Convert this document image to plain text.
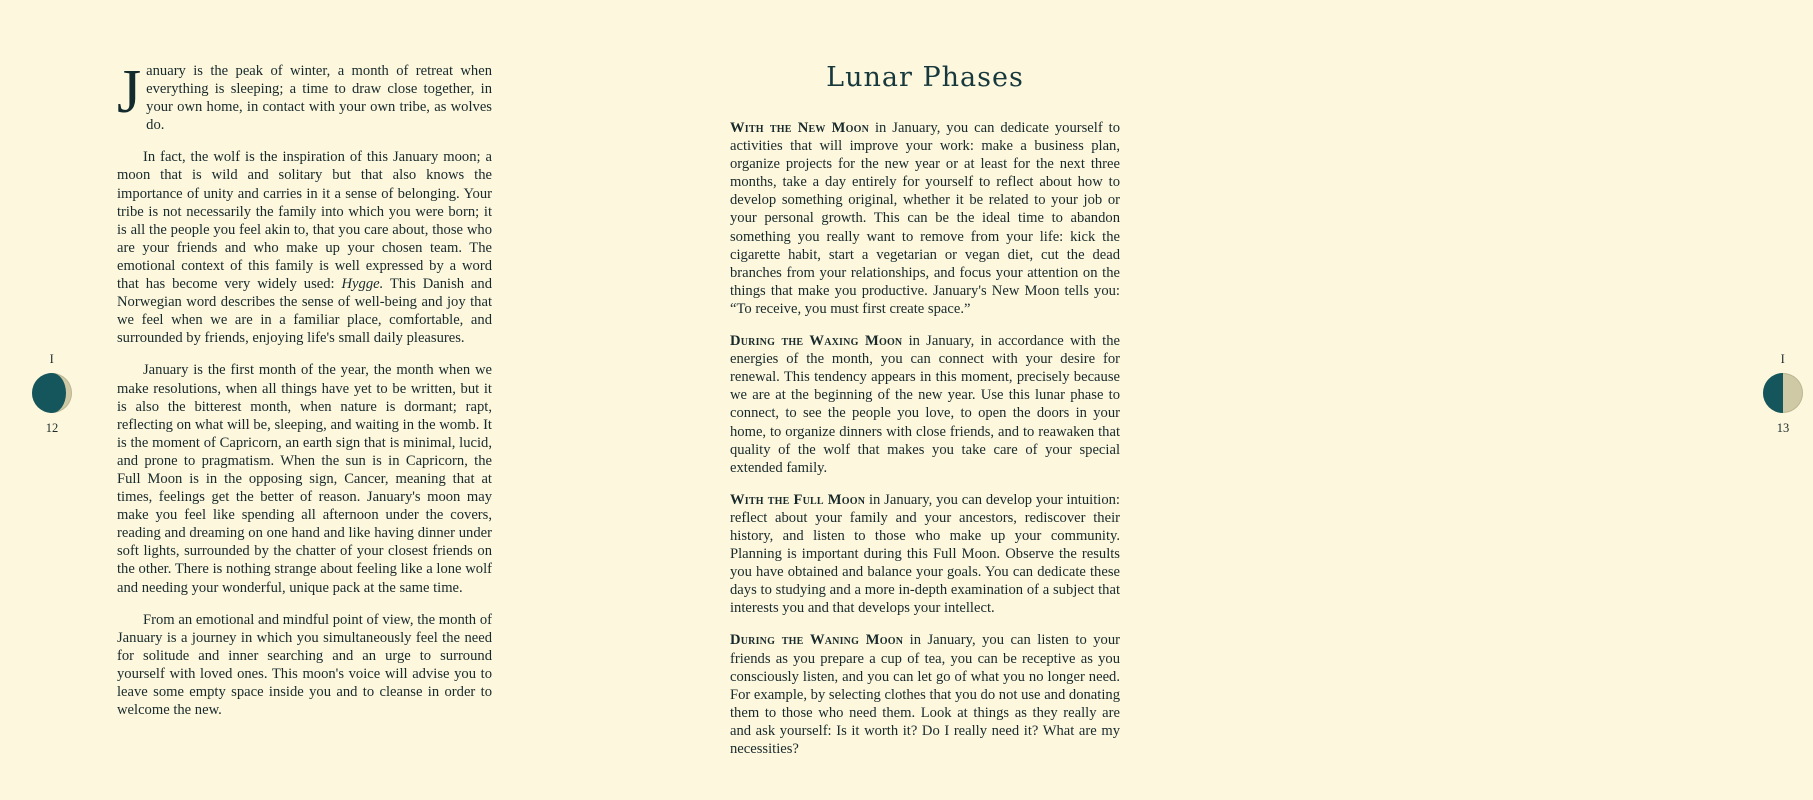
I
12

January is the peak of winter, a month of retreat when everything is sleeping; a time to draw close together, in your own home, in contact with your own tribe, as wolves do.

In fact, the wolf is the inspiration of this January moon; a moon that is wild and solitary but that also knows the importance of unity and carries in it a sense of belonging. Your tribe is not necessarily the family into which you were born; it is all the people you feel akin to, that you care about, those who are your friends and who make up your chosen team. The emotional context of this family is well expressed by a word that has become very widely used: Hygge. This Danish and Norwegian word describes the sense of well-being and joy that we feel when we are in a familiar place, comfortable, and surrounded by friends, enjoying life's small daily pleasures.

January is the first month of the year, the month when we make resolutions, when all things have yet to be written, but it is also the bitterest month, when nature is dormant; rapt, reflecting on what will be, sleeping, and waiting in the womb. It is the moment of Capricorn, an earth sign that is minimal, lucid, and prone to pragmatism. When the sun is in Capricorn, the Full Moon is in the opposing sign, Cancer, meaning that at times, feelings get the better of reason. January's moon may make you feel like spending all afternoon under the covers, reading and dreaming on one hand and like having dinner under soft lights, surrounded by the chatter of your closest friends on the other. There is nothing strange about feeling like a lone wolf and needing your wonderful, unique pack at the same time.

From an emotional and mindful point of view, the month of January is a journey in which you simultaneously feel the need for solitude and inner searching and an urge to surround yourself with loved ones. This moon's voice will advise you to leave some empty space inside you and to cleanse in order to welcome the new.

I
13
Lunar Phases

With the New Moon in January, you can dedicate yourself to activities that will improve your work: make a business plan, organize projects for the new year or at least for the next three months, take a day entirely for yourself to reflect about how to develop something original, whether it be related to your job or your personal growth. This can be the ideal time to abandon something you really want to remove from your life: kick the cigarette habit, start a vegetarian or vegan diet, cut the dead branches from your relationships, and focus your attention on the things that make you productive. January's New Moon tells you: “To receive, you must first create space.”

During the Waxing Moon in January, in accordance with the energies of the month, you can connect with your desire for renewal. This tendency appears in this moment, precisely because we are at the beginning of the new year. Use this lunar phase to connect, to see the people you love, to open the doors in your home, to organize dinners with close friends, and to reawaken that quality of the wolf that makes you take care of your special extended family.

With the Full Moon in January, you can develop your intuition: reflect about your family and your ancestors, rediscover their history, and listen to those who make up your community. Planning is important during this Full Moon. Observe the results you have obtained and balance your goals. You can dedicate these days to studying and a more in-depth examination of a subject that interests you and that develops your intellect.

During the Waning Moon in January, you can listen to your friends as you prepare a cup of tea, you can be receptive as you consciously listen, and you can let go of what you no longer need. For example, by selecting clothes that you do not use and donating them to those who need them. Look at things as they really are and ask yourself: Is it worth it? Do I really need it? What are my necessities?
